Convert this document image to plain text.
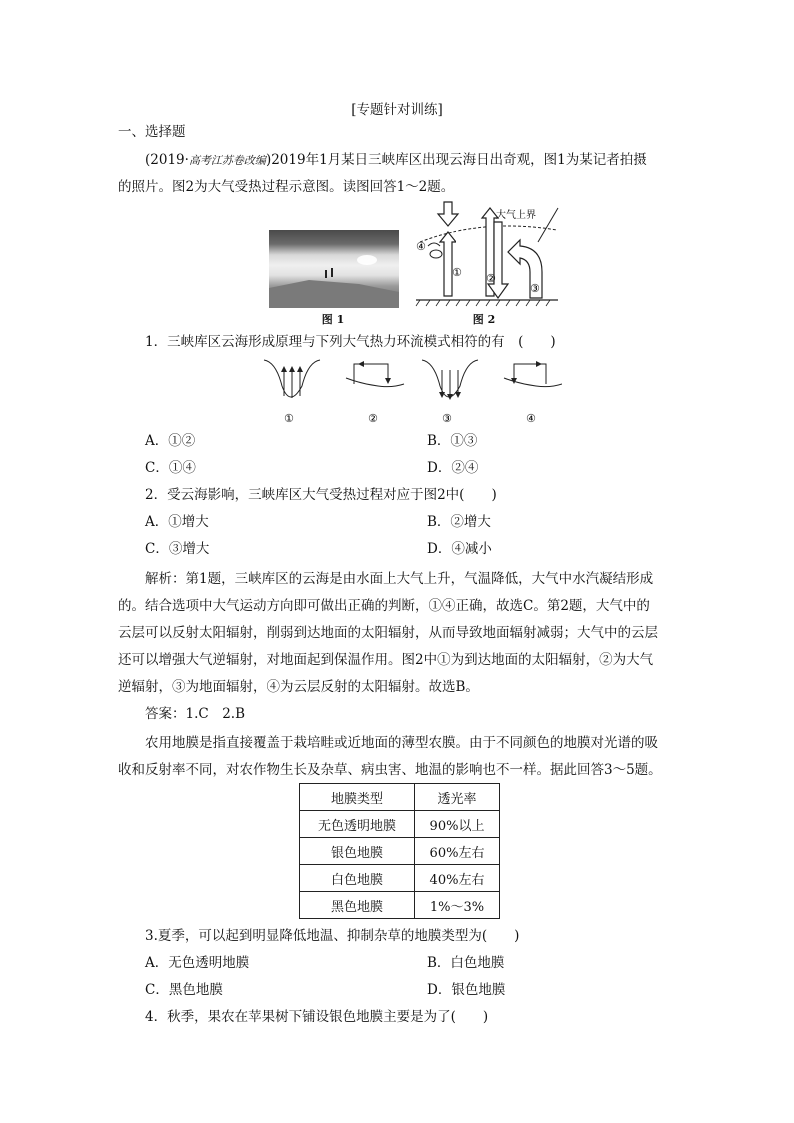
[专题针对训练]
一、选择题
(2019·高考江苏卷改编)2019年1月某日三峡库区出现云海日出奇观，图1为某记者拍摄
的照片。图2为大气受热过程示意图。读图回答1～2题。
图 1
大气上界
① ②
③
④
图 2
1．三峡库区云海形成原理与下列大气热力环流模式相符的有　 (　　)
①	②	③	④
A．①②	B．①③
C．①④	D．②④
2．受云海影响，三峡库区大气受热过程对应于图2中(　　)
A．①增大	B．②增大
C．③增大	D．④减小
解析：第1题，三峡库区的云海是由水面上大气上升，气温降低，大气中水汽凝结形成
的。结合选项中大气运动方向即可做出正确的判断，①④正确，故选C。第2题，大气中的
云层可以反射太阳辐射，削弱到达地面的太阳辐射，从而导致地面辐射减弱；大气中的云层
还可以增强大气逆辐射，对地面起到保温作用。图2中①为到达地面的太阳辐射，②为大气
逆辐射，③为地面辐射，④为云层反射的太阳辐射。故选B。
答案：1.C　2.B
农用地膜是指直接覆盖于栽培畦或近地面的薄型农膜。由于不同颜色的地膜对光谱的吸
收和反射率不同，对农作物生长及杂草、病虫害、地温的影响也不一样。据此回答3～5题。
地膜类型	透光率
无色透明地膜	90%以上
银色地膜	60%左右
白色地膜	40%左右
黑色地膜	1%～3%
3.夏季，可以起到明显降低地温、抑制杂草的地膜类型为(　　)
A．无色透明地膜	B．白色地膜
C．黑色地膜	D．银色地膜
4．秋季，果农在苹果树下铺设银色地膜主要是为了(　　)
